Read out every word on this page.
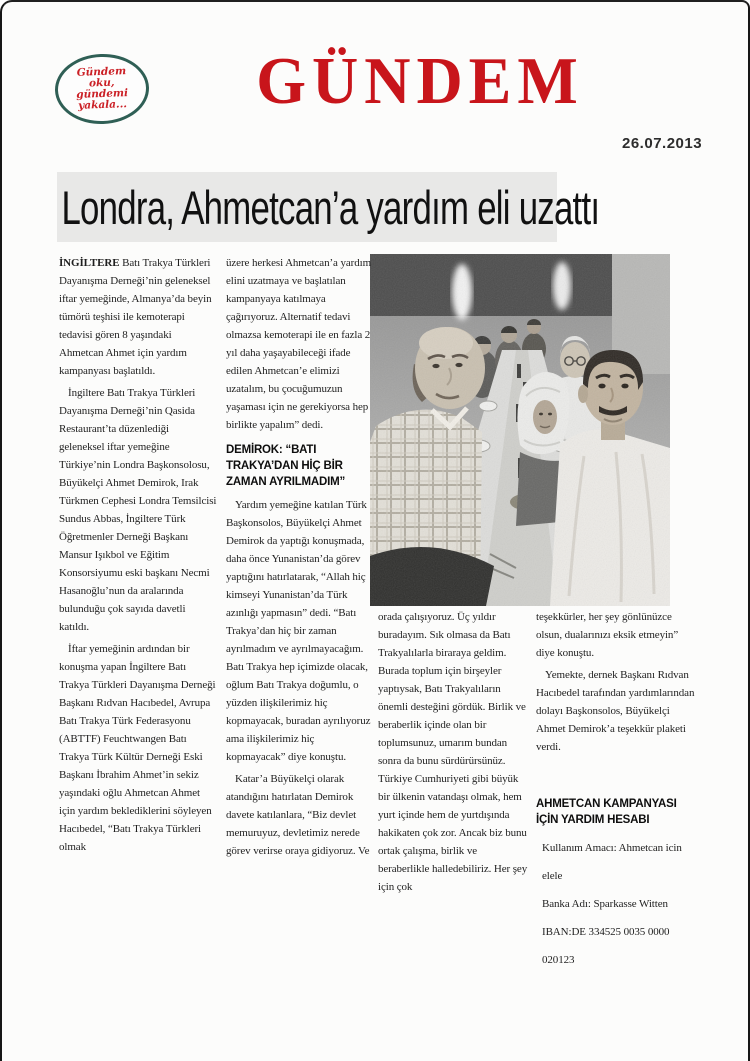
Gündem
oku,
gündemi
yakala...	GÜNDEM
26.07.2013
Londra, Ahmetcan’a yardım eli uzattı

İNGİLTERE Batı Trakya Türkleri Dayanışma Derneği’nin geleneksel iftar yemeğinde, Almanya’da beyin tümörü teşhisi ile kemoterapi tedavisi gören 8 yaşındaki Ahmetcan Ahmet için yardım kampanyası başlatıldı.

İngiltere Batı Trakya Türkleri Dayanışma Derneği’nin Qasida Restaurant’ta düzenlediği geleneksel iftar yemeğine Türkiye’nin Londra Başkonsolosu, Büyükelçi Ahmet Demirok, Irak Türkmen Cephesi Londra Temsilcisi Sundus Abbas, İngiltere Türk Öğretmenler Derneği Başkanı Mansur Işıkbol ve Eğitim Konsorsiyumu eski başkanı Necmi Hasanoğlu’nun da aralarında bulunduğu çok sayıda davetli katıldı.

İftar yemeğinin ardından bir konuşma yapan İngiltere Batı Trakya Türkleri Dayanışma Derneği Başkanı Rıdvan Hacıbedel, Avrupa Batı Trakya Türk Federasyonu (ABTTF) Feuchtwangen Batı Trakya Türk Kültür Derneği Eski Başkanı İbrahim Ahmet’in sekiz yaşındaki oğlu Ahmetcan Ahmet için yardım beklediklerini söyleyen Hacıbedel, “Batı Trakya Türkleri olmak

üzere herkesi Ahmetcan’a yardım elini uzatmaya ve başlatılan kampanyaya katılmaya çağırıyoruz. Alternatif tedavi olmazsa kemoterapi ile en fazla 2 yıl daha yaşayabileceği ifade edilen Ahmetcan’e elimizi uzatalım, bu çocuğumuzun yaşaması için ne gerekiyorsa hep birlikte yapalım” dedi.

DEMİROK: “BATI TRAKYA’DAN HİÇ BİR ZAMAN AYRILMADIM”

Yardım yemeğine katılan Türk Başkonsolos, Büyükelçi Ahmet Demirok da yaptığı konuşmada, daha önce Yunanistan’da görev yaptığını hatırlatarak, “Allah hiç kimseyi Yunanistan’da Türk azınlığı yapmasın” dedi. “Batı Trakya’dan hiç bir zaman ayrılmadım ve ayrılmayacağım. Batı Trakya hep içimizde olacak, oğlum Batı Trakya doğumlu, o yüzden ilişkilerimiz hiç kopmayacak, buradan ayrılıyoruz ama ilişkilerimiz hiç kopmayacak” diye konuştu.

Katar’a Büyükelçi olarak atandığını hatırlatan Demirok davete katılanlara, “Biz devlet memuruyuz, devletimiz nerede görev verirse oraya gidiyoruz. Ve

orada çalışıyoruz. Üç yıldır buradayım. Sık olmasa da Batı Trakyalılarla biraraya geldim. Burada toplum için birşeyler yaptıysak, Batı Trakyalıların önemli desteğini gördük. Birlik ve beraberlik içinde olan bir toplumsunuz, umarım bundan sonra da bunu sürdürürsünüz. Türkiye Cumhuriyeti gibi büyük bir ülkenin vatandaşı olmak, hem yurt içinde hem de yurtdışında hakikaten çok zor. Ancak biz bunu ortak çalışma, birlik ve beraberlikle halledebiliriz. Her şey için çok

teşekkürler, her şey gönlünüzce olsun, dualarınızı eksik etmeyin” diye konuştu.

Yemekte, dernek Başkanı Rıdvan Hacıbedel tarafından yardımlarından dolayı Başkonsolos, Büyükelçi Ahmet Demirok’a teşekkür plaketi verdi.

AHMETCAN KAMPANYASI İÇİN YARDIM HESABI

Kullanım Amacı: Ahmetcan icin elele

Banka Adı: Sparkasse Witten

IBAN:DE 334525 0035 0000 020123
